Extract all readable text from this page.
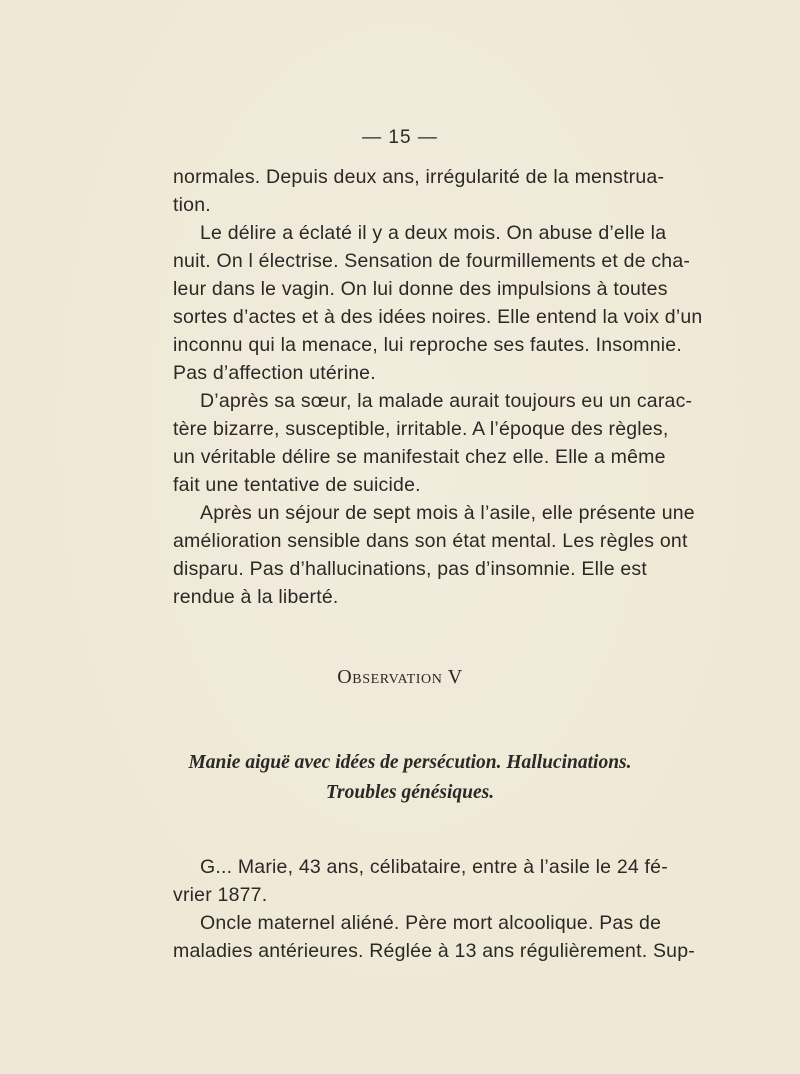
— 15 —
normales. Depuis deux ans, irrégularité de la menstrua-
tion.
Le délire a éclaté il y a deux mois. On abuse d’elle la
nuit. On l électrise. Sensation de fourmillements et de cha-
leur dans le vagin. On lui donne des impulsions à toutes
sortes d’actes et à des idées noires. Elle entend la voix d’un
inconnu qui la menace, lui reproche ses fautes. Insomnie.
Pas d’affection utérine.
D’après sa sœur, la malade aurait toujours eu un carac-
tère bizarre, susceptible, irritable. A l’époque des règles,
un véritable délire se manifestait chez elle. Elle a même
fait une tentative de suicide.
Après un séjour de sept mois à l’asile, elle présente une
amélioration sensible dans son état mental. Les règles ont
disparu. Pas d’hallucinations, pas d’insomnie. Elle est
rendue à la liberté.
Observation V
Manie aiguë avec idées de persécution. Hallucinations.
Troubles génésiques.
G... Marie, 43 ans, célibataire, entre à l’asile le 24 fé-
vrier 1877.
Oncle maternel aliéné. Père mort alcoolique. Pas de
maladies antérieures. Réglée à 13 ans régulièrement. Sup-
